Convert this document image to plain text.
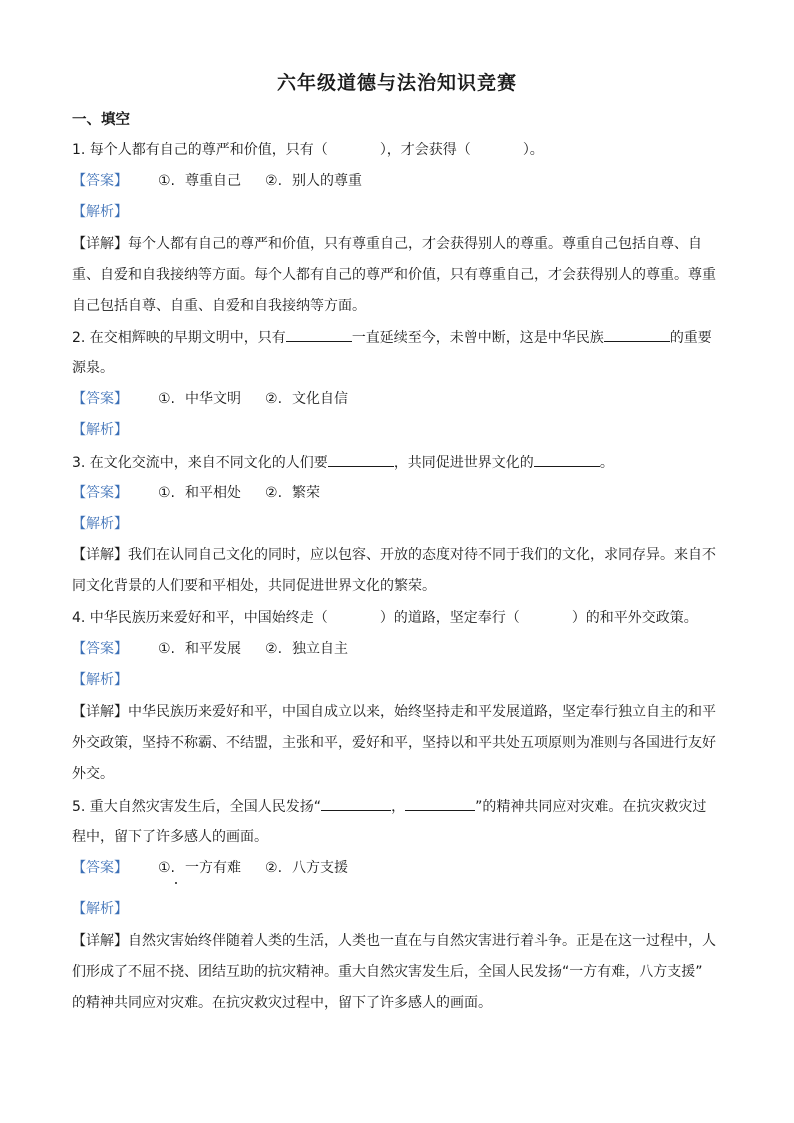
六年级道德与法治知识竞赛
一、填空
1. 每个人都有自己的尊严和价值，只有（	），才会获得（	）。
【答案】 ①. 尊重自己 ②. 别人的尊重
【解析】
【详解】每个人都有自己的尊严和价值，只有尊重自己，才会获得别人的尊重。尊重自己包括自尊、自
重、自爱和自我接纳等方面。每个人都有自己的尊严和价值，只有尊重自己，才会获得别人的尊重。尊重
自己包括自尊、自重、自爱和自我接纳等方面。
2. 在交相辉映的早期文明中，只有	一直延续至今，未曾中断，这是中华民族	的重要
源泉。
【答案】 ①. 中华文明 ②. 文化自信
【解析】
3. 在文化交流中，来自不同文化的人们要	，共同促进世界文化的	。
【答案】 ①. 和平相处 ②. 繁荣
【解析】
【详解】我们在认同自己文化的同时，应以包容、开放的态度对待不同于我们的文化，求同存异。来自不
同文化背景的人们要和平相处，共同促进世界文化的繁荣。
4. 中华民族历来爱好和平，中国始终走（	）的道路，坚定奉行（	）的和平外交政策。
【答案】 ①. 和平发展 ②. 独立自主
【解析】
【详解】中华民族历来爱好和平，中国自成立以来，始终坚持走和平发展道路，坚定奉行独立自主的和平
外交政策，坚持不称霸、不结盟，主张和平，爱好和平，坚持以和平共处五项原则为准则与各国进行友好
外交。
5. 重大自然灾害发生后，全国人民发扬“	，	”的精神共同应对灾难。在抗灾救灾过
程中，留下了许多感人的画面。
【答案】 ①. 一方有难 ②. 八方支援
【解析】
【详解】自然灾害始终伴随着人类的生活，人类也一直在与自然灾害进行着斗争。正是在这一过程中，人
们形成了不屈不挠、团结互助的抗灾精神。重大自然灾害发生后，全国人民发扬“一方有难，八方支援”
的精神共同应对灾难。在抗灾救灾过程中，留下了许多感人的画面。
